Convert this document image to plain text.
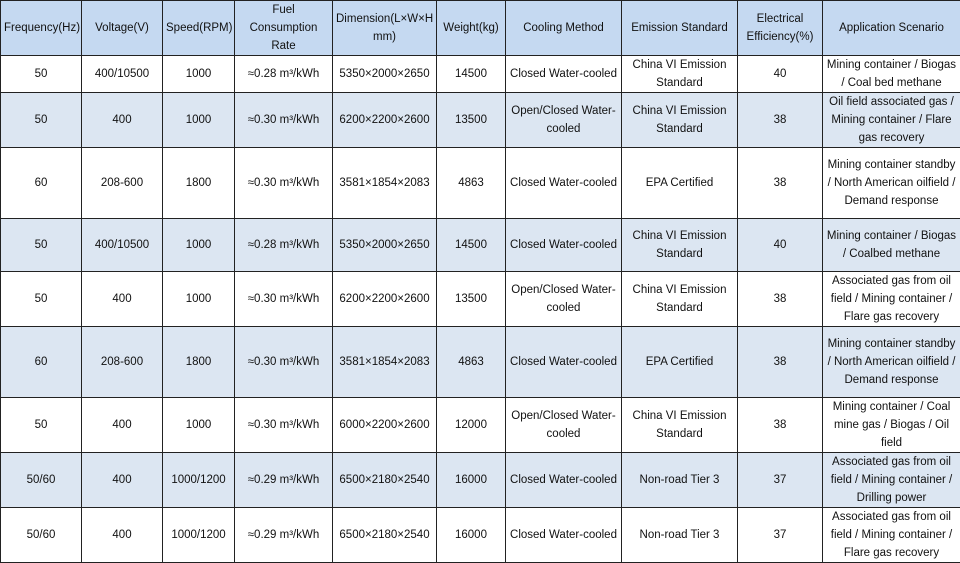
Frequency(Hz)	Voltage(V)	Speed(RPM)	Fuel Consumption Rate	Dimension(L×W×H mm)	Weight(kg)	Cooling Method	Emission Standard	Electrical Efficiency(%)	Application Scenario
50	400/10500	1000	≈0.28 m³/kWh	5350×2000×2650	14500	Closed Water-cooled	China VI Emission Standard	40	Mining container / Biogas / Coal bed methane
50	400	1000	≈0.30 m³/kWh	6200×2200×2600	13500	Open/Closed Water-cooled	China VI Emission Standard	38	Oil field associated gas / Mining container / Flare gas recovery
60	208-600	1800	≈0.30 m³/kWh	3581×1854×2083	4863	Closed Water-cooled	EPA Certified	38	Mining container standby / North American oilfield / Demand response
50	400/10500	1000	≈0.28 m³/kWh	5350×2000×2650	14500	Closed Water-cooled	China VI Emission Standard	40	Mining container / Biogas / Coalbed methane
50	400	1000	≈0.30 m³/kWh	6200×2200×2600	13500	Open/Closed Water-cooled	China VI Emission Standard	38	Associated gas from oil field / Mining container / Flare gas recovery
60	208-600	1800	≈0.30 m³/kWh	3581×1854×2083	4863	Closed Water-cooled	EPA Certified	38	Mining container standby / North American oilfield / Demand response
50	400	1000	≈0.30 m³/kWh	6000×2200×2600	12000	Open/Closed Water-cooled	China VI Emission Standard	38	Mining container / Coal mine gas / Biogas / Oil field
50/60	400	1000/1200	≈0.29 m³/kWh	6500×2180×2540	16000	Closed Water-cooled	Non-road Tier 3	37	Associated gas from oil field / Mining container / Drilling power
50/60	400	1000/1200	≈0.29 m³/kWh	6500×2180×2540	16000	Closed Water-cooled	Non-road Tier 3	37	Associated gas from oil field / Mining container / Flare gas recovery
